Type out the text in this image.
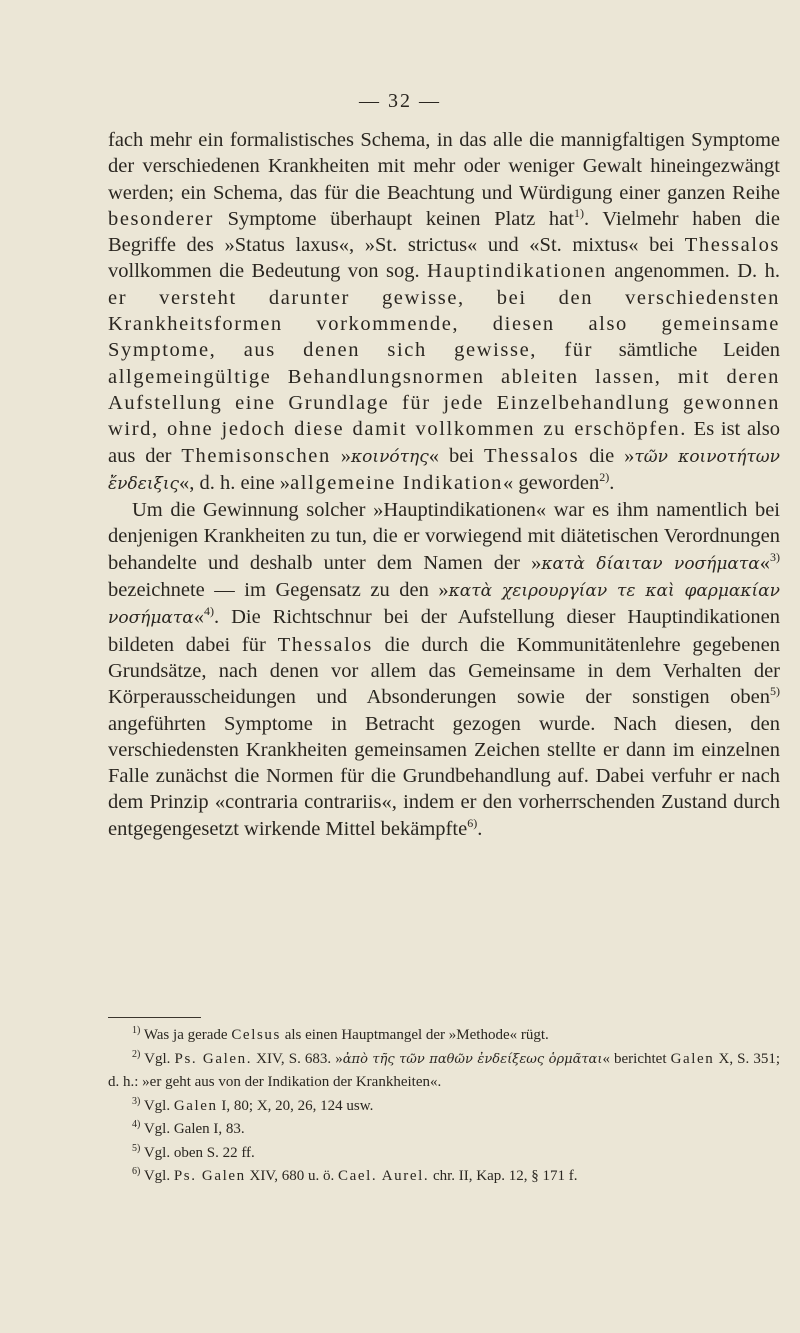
— 32 —

fach mehr ein formalistisches Schema, in das alle die mannigfaltigen Symptome der verschiedenen Krankheiten mit mehr oder weniger Gewalt hineingezwängt werden; ein Schema, das für die Beachtung und Würdigung einer ganzen Reihe besonderer Symptome überhaupt keinen Platz hat$^{1)}$. Vielmehr haben die Begriffe des »Status laxus«, »St. strictus« und «St. mixtus« bei Thessalos vollkommen die Bedeutung von sog. Hauptindikationen angenommen. D. h. er versteht darunter gewisse, bei den verschiedensten Krankheitsformen vorkommende, diesen also gemeinsame Symptome, aus denen sich gewisse, für sämtliche Leiden allgemeingültige Behandlungsnormen ableiten lassen, mit deren Aufstellung eine Grundlage für jede Einzelbehandlung gewonnen wird, ohne jedoch diese damit vollkommen zu erschöpfen. Es ist also aus der Themisonschen »κοινότης« bei Thessalos die »τῶν κοινοτήτων ἔνδειξις«, d. h. eine »allgemeine Indikation« geworden$^{2)}$.

Um die Gewinnung solcher »Hauptindikationen« war es ihm namentlich bei denjenigen Krankheiten zu tun, die er vorwiegend mit diätetischen Verordnungen behandelte und deshalb unter dem Namen der »κατὰ δίαιταν νοσήματα«$^{3)}$ bezeichnete — im Gegensatz zu den »κατὰ χειρουργίαν τε καὶ φαρμακίαν νοσήματα«$^{4)}$. Die Richtschnur bei der Aufstellung dieser Hauptindikationen bildeten dabei für Thessalos die durch die Kommunitätenlehre gegebenen Grundsätze, nach denen vor allem das Gemeinsame in dem Verhalten der Körperausscheidungen und Absonderungen sowie der sonstigen oben$^{5)}$ angeführten Symptome in Betracht gezogen wurde. Nach diesen, den verschiedensten Krankheiten gemeinsamen Zeichen stellte er dann im einzelnen Falle zunächst die Normen für die Grundbehandlung auf. Dabei verfuhr er nach dem Prinzip «contraria contrariis«, indem er den vorherrschenden Zustand durch entgegengesetzt wirkende Mittel bekämpfte$^{6)}$.

$^{1)}$ Was ja gerade Celsus als einen Hauptmangel der »Methode« rügt.

$^{2)}$ Vgl. Ps. Galen. XIV, S. 683. »ἀπὸ τῆς τῶν παθῶν ἐνδείξεως ὁρμᾶται« berichtet Galen X, S. 351; d. h.: »er geht aus von der Indikation der Krankheiten«.

$^{3)}$ Vgl. Galen I, 80; X, 20, 26, 124 usw.

$^{4)}$ Vgl. Galen I, 83.

$^{5)}$ Vgl. oben S. 22 ff.

$^{6)}$ Vgl. Ps. Galen XIV, 680 u. ö. Cael. Aurel. chr. II, Kap. 12, § 171 f.
